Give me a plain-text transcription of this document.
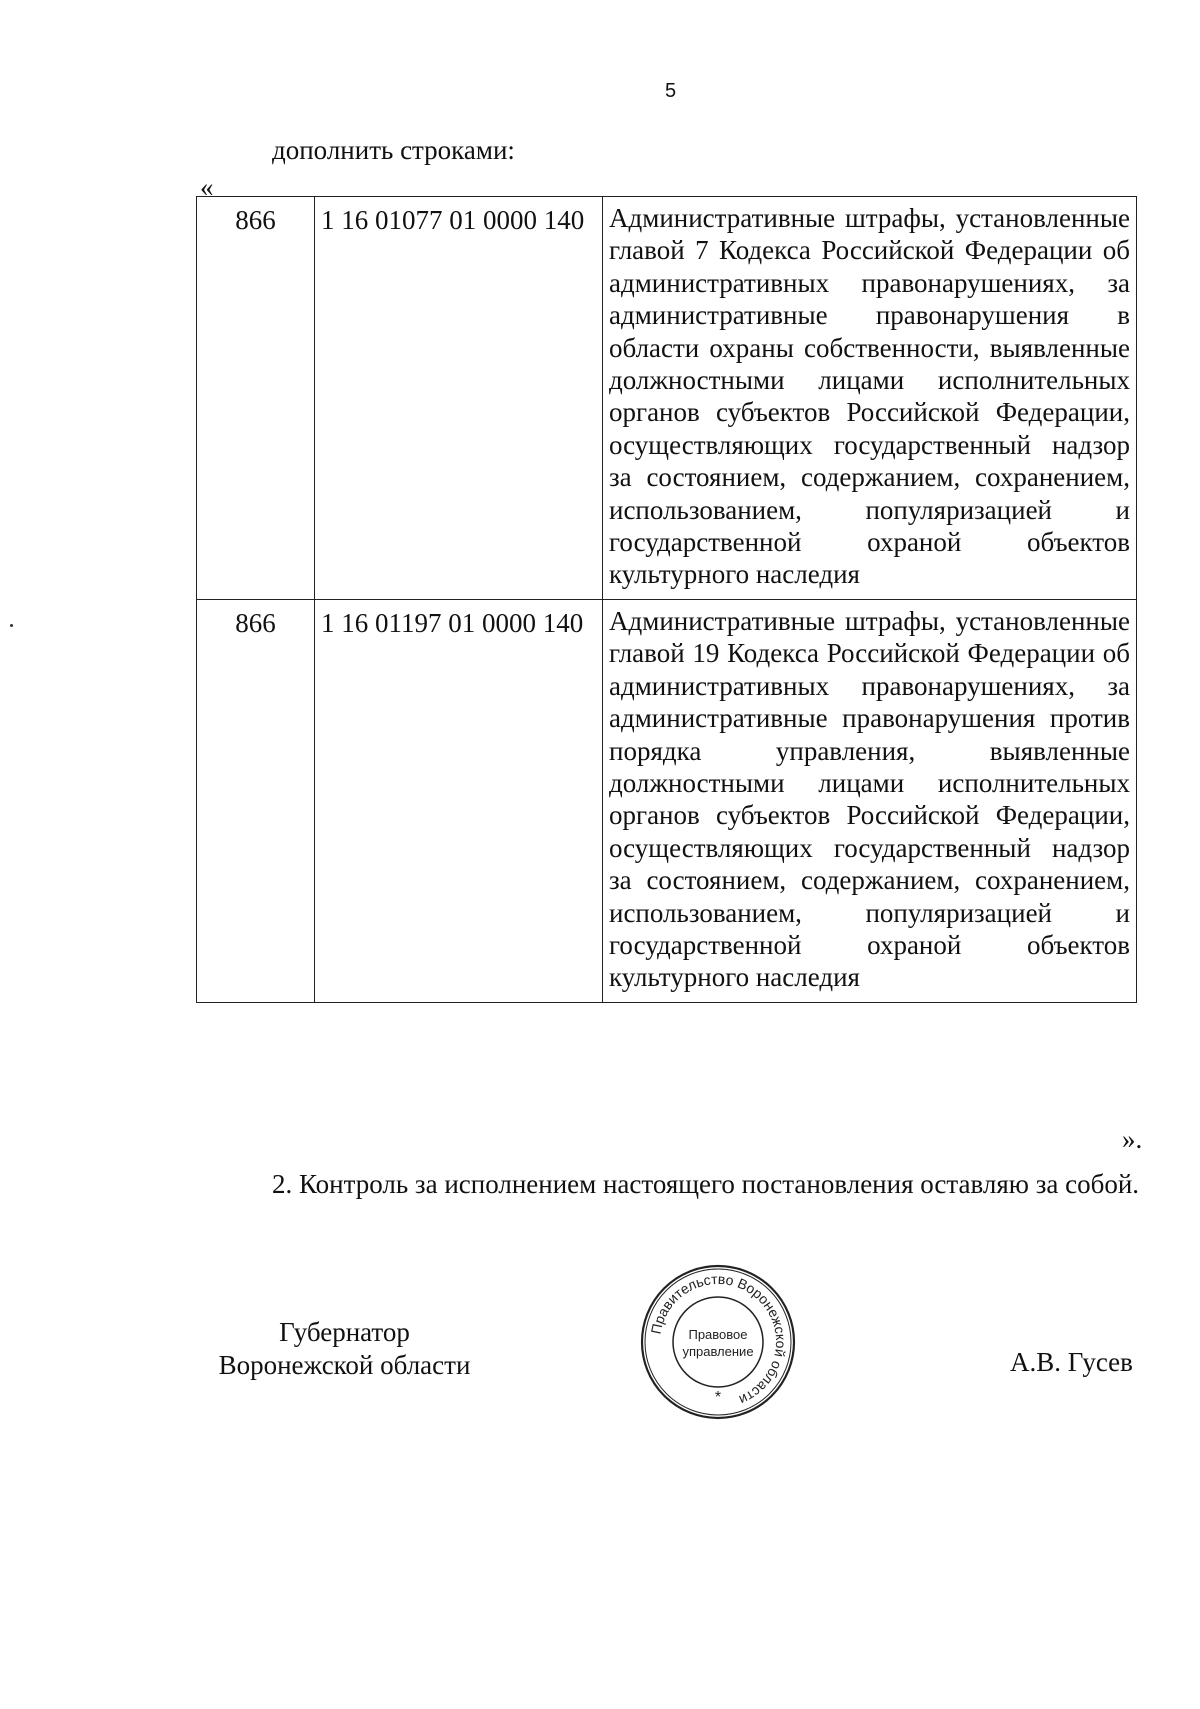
5
дополнить строками:
«
866	1 16 01077 01 0000 140	Административные штрафы, установленные главой 7 Кодекса Российской Федерации об административных правонарушениях, за административные правонарушения в области охраны собственности, выявленные должностными лицами исполнительных органов субъектов Российской Федерации, осуществляющих государственный надзор за состоянием, содержанием, сохранением, использованием, популяризацией и государственной охраной объектов культурного наследия
866	1 16 01197 01 0000 140	Административные штрафы, установленные главой 19 Кодекса Российской Федерации об административных правонарушениях, за административные правонарушения против порядка управления, выявленные должностными лицами исполнительных органов субъектов Российской Федерации, осуществляющих государственный надзор за состоянием, содержанием, сохранением, использованием, популяризацией и государственной охраной объектов культурного наследия
».
2. Контроль за исполнением настоящего постановления оставляю за собой.
Губернатор
Воронежской области
Правительство Воронежской области
Правовое
управление
*
А.В. Гусев
